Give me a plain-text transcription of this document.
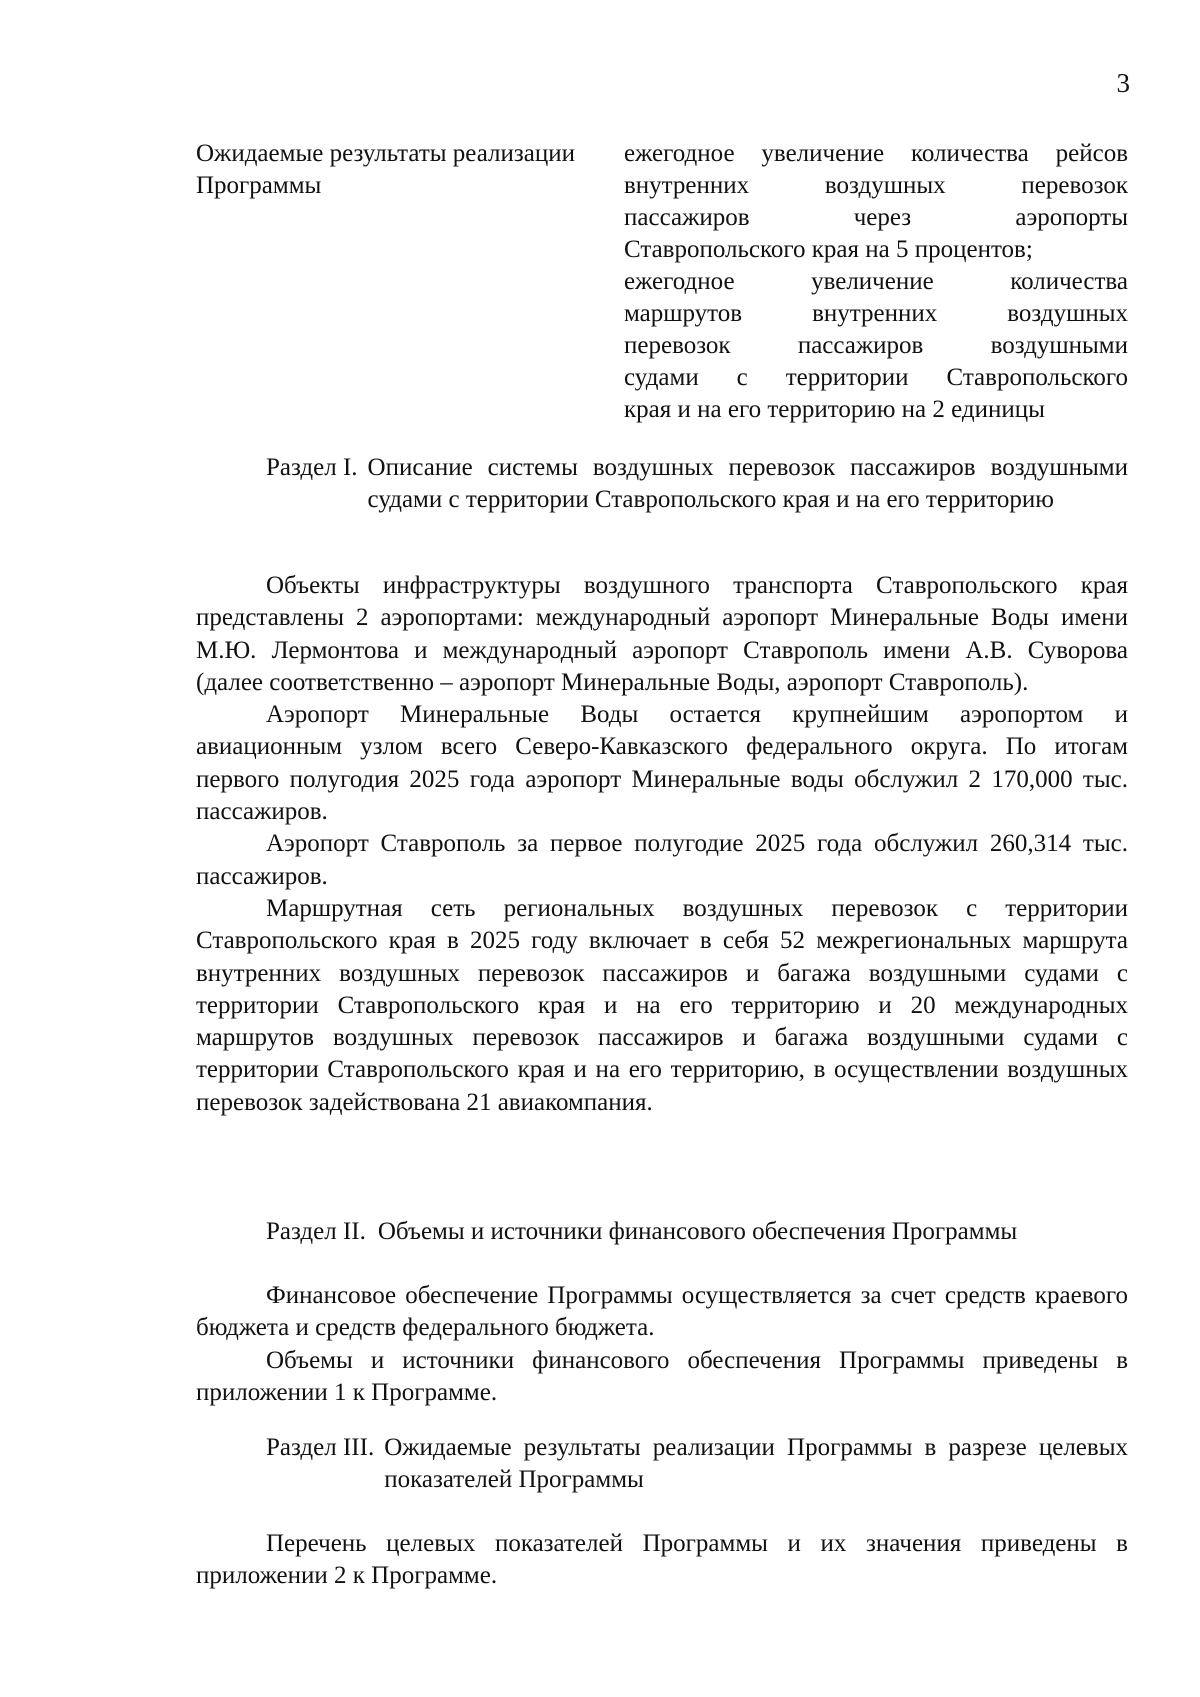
3
Ожидаемые результаты реализации Программы

ежегодное увеличение количества рейсов

внутренних воздушных перевозок

пассажиров через аэропорты

Ставропольского края на 5 процентов;

ежегодное увеличение количества

маршрутов внутренних воздушных

перевозок пассажиров воздушными

судами с территории Ставропольского

края и на его территорию на 2 единицы

Раздел I. Описание системы воздушных перевозок пассажиров воздушными судами с территории Ставропольского края и на его территорию

Объекты инфраструктуры воздушного транспорта Ставропольского края представлены 2 аэропортами: международный аэропорт Минеральные Воды имени М.Ю. Лермонтова и международный аэропорт Ставрополь имени А.В. Суворова (далее соответственно – аэропорт Минеральные Воды, аэропорт Ставрополь).

Аэропорт Минеральные Воды остается крупнейшим аэропортом и авиационным узлом всего Северо-Кавказского федерального округа. По итогам первого полугодия 2025 года аэропорт Минеральные воды обслужил 2 170,000 тыс. пассажиров.

Аэропорт Ставрополь за первое полугодие 2025 года обслужил 260,314 тыс. пассажиров.

Маршрутная сеть региональных воздушных перевозок с территории Ставропольского края в 2025 году включает в себя 52 межрегиональных маршрута внутренних воздушных перевозок пассажиров и багажа воздушными судами с территории Ставропольского края и на его территорию и 20 международных маршрутов воздушных перевозок пассажиров и багажа воздушными судами с территории Ставропольского края и на его территорию, в осуществлении воздушных перевозок задействована 21 авиакомпания.

Раздел II. Объемы и источники финансового обеспечения Программы

Финансовое обеспечение Программы осуществляется за счет средств краевого бюджета и средств федерального бюджета.

Объемы и источники финансового обеспечения Программы приведены в приложении 1 к Программе.

Раздел III. Ожидаемые результаты реализации Программы в разрезе целевых показателей Программы

Перечень целевых показателей Программы и их значения приведены в приложении 2 к Программе.
